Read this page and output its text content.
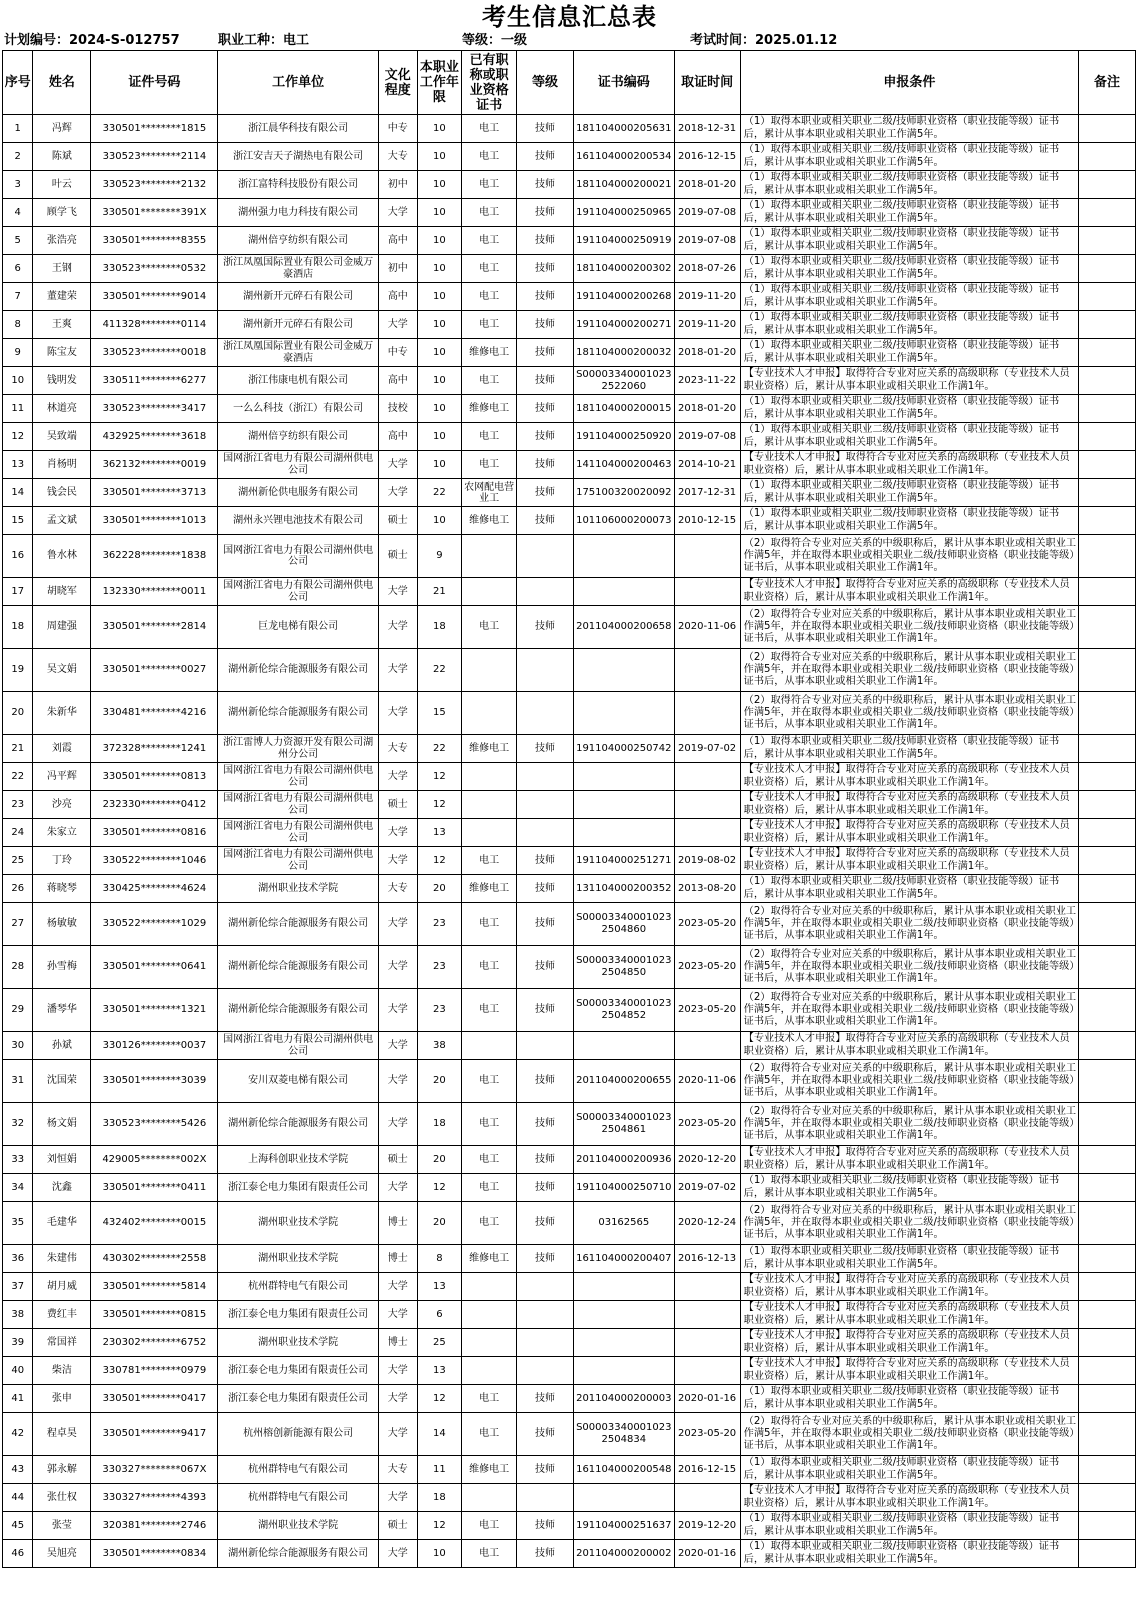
考生信息汇总表
计划编号：2024-S-012757	职业工种：电工	等级：一级	考试时间：2025.01.12
序号	姓名	证件号码	工作单位	文化程度	本职业工作年限	已有职称或职业资格证书	等级	证书编码	取证时间	申报条件	备注
1	冯辉	330501********1815	浙江晨华科技有限公司	中专	10	电工	技师	181104000205631	2018-12-31	（1）取得本职业或相关职业二级/技师职业资格（职业技能等级）证书后，累计从事本职业或相关职业工作满5年。	
2	陈斌	330523********2114	浙江安吉天子湖热电有限公司	大专	10	电工	技师	161104000200534	2016-12-15	（1）取得本职业或相关职业二级/技师职业资格（职业技能等级）证书后，累计从事本职业或相关职业工作满5年。	
3	叶云	330523********2132	浙江富特科技股份有限公司	初中	10	电工	技师	181104000200021	2018-01-20	（1）取得本职业或相关职业二级/技师职业资格（职业技能等级）证书后，累计从事本职业或相关职业工作满5年。	
4	顾学飞	330501********391X	湖州强力电力科技有限公司	大学	10	电工	技师	191104000250965	2019-07-08	（1）取得本职业或相关职业二级/技师职业资格（职业技能等级）证书后，累计从事本职业或相关职业工作满5年。	
5	张浩亮	330501********8355	湖州倍亨纺织有限公司	高中	10	电工	技师	191104000250919	2019-07-08	（1）取得本职业或相关职业二级/技师职业资格（职业技能等级）证书后，累计从事本职业或相关职业工作满5年。	
6	王钢	330523********0532	浙江凤凰国际置业有限公司金威万豪酒店	初中	10	电工	技师	181104000200302	2018-07-26	（1）取得本职业或相关职业二级/技师职业资格（职业技能等级）证书后，累计从事本职业或相关职业工作满5年。	
7	董建荣	330501********9014	湖州新开元碎石有限公司	高中	10	电工	技师	191104000200268	2019-11-20	（1）取得本职业或相关职业二级/技师职业资格（职业技能等级）证书后，累计从事本职业或相关职业工作满5年。	
8	王爽	411328********0114	湖州新开元碎石有限公司	大学	10	电工	技师	191104000200271	2019-11-20	（1）取得本职业或相关职业二级/技师职业资格（职业技能等级）证书后，累计从事本职业或相关职业工作满5年。	
9	陈宝友	330523********0018	浙江凤凰国际置业有限公司金威万豪酒店	中专	10	维修电工	技师	181104000200032	2018-01-20	（1）取得本职业或相关职业二级/技师职业资格（职业技能等级）证书后，累计从事本职业或相关职业工作满5年。	
10	钱明发	330511********6277	浙江伟康电机有限公司	高中	10	电工	技师	S000033400010232522060	2023-11-22	【专业技术人才申报】取得符合专业对应关系的高级职称（专业技术人员职业资格）后，累计从事本职业或相关职业工作满1年。	
11	林道亮	330523********3417	一么么科技（浙江）有限公司	技校	10	维修电工	技师	181104000200015	2018-01-20	（1）取得本职业或相关职业二级/技师职业资格（职业技能等级）证书后，累计从事本职业或相关职业工作满5年。	
12	吴致端	432925********3618	湖州倍亨纺织有限公司	高中	10	电工	技师	191104000250920	2019-07-08	（1）取得本职业或相关职业二级/技师职业资格（职业技能等级）证书后，累计从事本职业或相关职业工作满5年。	
13	肖杨明	362132********0019	国网浙江省电力有限公司湖州供电公司	大学	10	电工	技师	141104000200463	2014-10-21	【专业技术人才申报】取得符合专业对应关系的高级职称（专业技术人员职业资格）后，累计从事本职业或相关职业工作满1年。	
14	钱会民	330501********3713	湖州新伦供电服务有限公司	大学	22	农网配电营业工	技师	175100320020092	2017-12-31	（1）取得本职业或相关职业二级/技师职业资格（职业技能等级）证书后，累计从事本职业或相关职业工作满5年。	
15	孟文斌	330501********1013	湖州永兴锂电池技术有限公司	硕士	10	维修电工	技师	101106000200073	2010-12-15	（1）取得本职业或相关职业二级/技师职业资格（职业技能等级）证书后，累计从事本职业或相关职业工作满5年。	
16	鲁水林	362228********1838	国网浙江省电力有限公司湖州供电公司	硕士	9					（2）取得符合专业对应关系的中级职称后，累计从事本职业或相关职业工作满5年，并在取得本职业或相关职业二级/技师职业资格（职业技能等级）证书后，从事本职业或相关职业工作满1年。	
17	胡晓军	132330********0011	国网浙江省电力有限公司湖州供电公司	大学	21					【专业技术人才申报】取得符合专业对应关系的高级职称（专业技术人员职业资格）后，累计从事本职业或相关职业工作满1年。	
18	周建强	330501********2814	巨龙电梯有限公司	大学	18	电工	技师	201104000200658	2020-11-06	（2）取得符合专业对应关系的中级职称后，累计从事本职业或相关职业工作满5年，并在取得本职业或相关职业二级/技师职业资格（职业技能等级）证书后，从事本职业或相关职业工作满1年。	
19	吴文娟	330501********0027	湖州新伦综合能源服务有限公司	大学	22					（2）取得符合专业对应关系的中级职称后，累计从事本职业或相关职业工作满5年，并在取得本职业或相关职业二级/技师职业资格（职业技能等级）证书后，从事本职业或相关职业工作满1年。	
20	朱新华	330481********4216	湖州新伦综合能源服务有限公司	大学	15					（2）取得符合专业对应关系的中级职称后，累计从事本职业或相关职业工作满5年，并在取得本职业或相关职业二级/技师职业资格（职业技能等级）证书后，从事本职业或相关职业工作满1年。	
21	刘霞	372328********1241	浙江雷博人力资源开发有限公司湖州分公司	大专	22	维修电工	技师	191104000250742	2019-07-02	（1）取得本职业或相关职业二级/技师职业资格（职业技能等级）证书后，累计从事本职业或相关职业工作满5年。	
22	冯平辉	330501********0813	国网浙江省电力有限公司湖州供电公司	大学	12					【专业技术人才申报】取得符合专业对应关系的高级职称（专业技术人员职业资格）后，累计从事本职业或相关职业工作满1年。	
23	沙亮	232330********0412	国网浙江省电力有限公司湖州供电公司	硕士	12					【专业技术人才申报】取得符合专业对应关系的高级职称（专业技术人员职业资格）后，累计从事本职业或相关职业工作满1年。	
24	朱家立	330501********0816	国网浙江省电力有限公司湖州供电公司	大学	13					【专业技术人才申报】取得符合专业对应关系的高级职称（专业技术人员职业资格）后，累计从事本职业或相关职业工作满1年。	
25	丁玲	330522********1046	国网浙江省电力有限公司湖州供电公司	大学	12	电工	技师	191104000251271	2019-08-02	【专业技术人才申报】取得符合专业对应关系的高级职称（专业技术人员职业资格）后，累计从事本职业或相关职业工作满1年。	
26	蒋晓琴	330425********4624	湖州职业技术学院	大专	20	维修电工	技师	131104000200352	2013-08-20	（1）取得本职业或相关职业二级/技师职业资格（职业技能等级）证书后，累计从事本职业或相关职业工作满5年。	
27	杨敏敏	330522********1029	湖州新伦综合能源服务有限公司	大学	23	电工	技师	S000033400010232504860	2023-05-20	（2）取得符合专业对应关系的中级职称后，累计从事本职业或相关职业工作满5年，并在取得本职业或相关职业二级/技师职业资格（职业技能等级）证书后，从事本职业或相关职业工作满1年。	
28	孙雪梅	330501********0641	湖州新伦综合能源服务有限公司	大学	23	电工	技师	S000033400010232504850	2023-05-20	（2）取得符合专业对应关系的中级职称后，累计从事本职业或相关职业工作满5年，并在取得本职业或相关职业二级/技师职业资格（职业技能等级）证书后，从事本职业或相关职业工作满1年。	
29	潘琴华	330501********1321	湖州新伦综合能源服务有限公司	大学	23	电工	技师	S000033400010232504852	2023-05-20	（2）取得符合专业对应关系的中级职称后，累计从事本职业或相关职业工作满5年，并在取得本职业或相关职业二级/技师职业资格（职业技能等级）证书后，从事本职业或相关职业工作满1年。	
30	孙斌	330126********0037	国网浙江省电力有限公司湖州供电公司	大学	38					【专业技术人才申报】取得符合专业对应关系的高级职称（专业技术人员职业资格）后，累计从事本职业或相关职业工作满1年。	
31	沈国荣	330501********3039	安川双菱电梯有限公司	大学	20	电工	技师	201104000200655	2020-11-06	（2）取得符合专业对应关系的中级职称后，累计从事本职业或相关职业工作满5年，并在取得本职业或相关职业二级/技师职业资格（职业技能等级）证书后，从事本职业或相关职业工作满1年。	
32	杨文娟	330523********5426	湖州新伦综合能源服务有限公司	大学	18	电工	技师	S000033400010232504861	2023-05-20	（2）取得符合专业对应关系的中级职称后，累计从事本职业或相关职业工作满5年，并在取得本职业或相关职业二级/技师职业资格（职业技能等级）证书后，从事本职业或相关职业工作满1年。	
33	刘恒娟	429005********002X	上海科创职业技术学院	硕士	20	电工	技师	201104000200936	2020-12-20	【专业技术人才申报】取得符合专业对应关系的高级职称（专业技术人员职业资格）后，累计从事本职业或相关职业工作满1年。	
34	沈鑫	330501********0411	浙江泰仑电力集团有限责任公司	大学	12	电工	技师	191104000250710	2019-07-02	（1）取得本职业或相关职业二级/技师职业资格（职业技能等级）证书后，累计从事本职业或相关职业工作满5年。	
35	毛建华	432402********0015	湖州职业技术学院	博士	20	电工	技师	03162565	2020-12-24	（2）取得符合专业对应关系的中级职称后，累计从事本职业或相关职业工作满5年，并在取得本职业或相关职业二级/技师职业资格（职业技能等级）证书后，从事本职业或相关职业工作满1年。	
36	朱建伟	430302********2558	湖州职业技术学院	博士	8	维修电工	技师	161104000200407	2016-12-13	（1）取得本职业或相关职业二级/技师职业资格（职业技能等级）证书后，累计从事本职业或相关职业工作满5年。	
37	胡月威	330501********5814	杭州群特电气有限公司	大学	13					【专业技术人才申报】取得符合专业对应关系的高级职称（专业技术人员职业资格）后，累计从事本职业或相关职业工作满1年。	
38	费红丰	330501********0815	浙江泰仑电力集团有限责任公司	大学	6					【专业技术人才申报】取得符合专业对应关系的高级职称（专业技术人员职业资格）后，累计从事本职业或相关职业工作满1年。	
39	常国祥	230302********6752	湖州职业技术学院	博士	25					【专业技术人才申报】取得符合专业对应关系的高级职称（专业技术人员职业资格）后，累计从事本职业或相关职业工作满1年。	
40	柴洁	330781********0979	浙江泰仑电力集团有限责任公司	大学	13					【专业技术人才申报】取得符合专业对应关系的高级职称（专业技术人员职业资格）后，累计从事本职业或相关职业工作满1年。	
41	张申	330501********0417	浙江泰仑电力集团有限责任公司	大学	12	电工	技师	201104000200003	2020-01-16	（1）取得本职业或相关职业二级/技师职业资格（职业技能等级）证书后，累计从事本职业或相关职业工作满5年。	
42	程卓昊	330501********9417	杭州榕创新能源有限公司	大学	14	电工	技师	S000033400010232504834	2023-05-20	（2）取得符合专业对应关系的中级职称后，累计从事本职业或相关职业工作满5年，并在取得本职业或相关职业二级/技师职业资格（职业技能等级）证书后，从事本职业或相关职业工作满1年。	
43	郭永解	330327********067X	杭州群特电气有限公司	大专	11	维修电工	技师	161104000200548	2016-12-15	（1）取得本职业或相关职业二级/技师职业资格（职业技能等级）证书后，累计从事本职业或相关职业工作满5年。	
44	张仕权	330327********4393	杭州群特电气有限公司	大学	18					【专业技术人才申报】取得符合专业对应关系的高级职称（专业技术人员职业资格）后，累计从事本职业或相关职业工作满1年。	
45	张莹	320381********2746	湖州职业技术学院	硕士	12	电工	技师	191104000251637	2019-12-20	（1）取得本职业或相关职业二级/技师职业资格（职业技能等级）证书后，累计从事本职业或相关职业工作满5年。	
46	吴旭亮	330501********0834	湖州新伦综合能源服务有限公司	大学	10	电工	技师	201104000200002	2020-01-16	（1）取得本职业或相关职业二级/技师职业资格（职业技能等级）证书后，累计从事本职业或相关职业工作满5年。	
